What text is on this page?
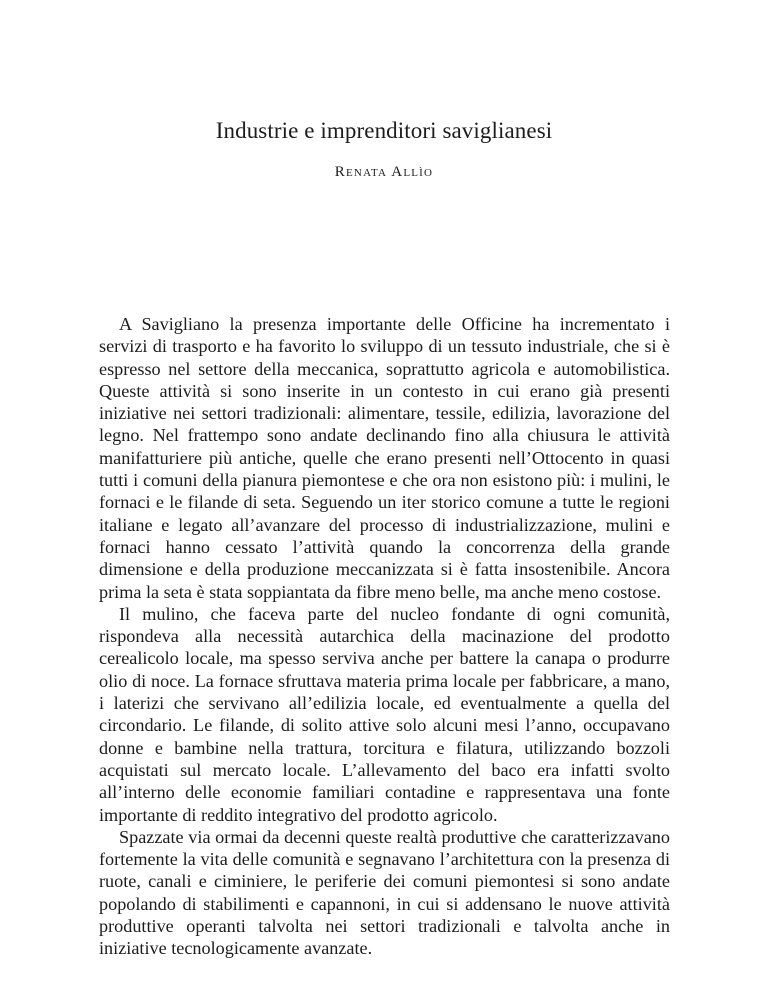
Industrie e imprenditori saviglianesi
Renata Allìo

A Savigliano la presenza importante delle Officine ha incrementato i servizi di trasporto e ha favorito lo sviluppo di un tessuto industriale, che si è espresso nel settore della meccanica, soprattutto agricola e automobilistica. Queste attività si sono inserite in un contesto in cui erano già presenti iniziative nei settori tradizionali: alimentare, tessile, edilizia, lavorazione del legno. Nel frattempo sono andate declinando fino alla chiusura le attività manifatturiere più antiche, quelle che erano presenti nell’Ottocento in quasi tutti i comuni della pianura piemontese e che ora non esistono più: i mulini, le fornaci e le filande di seta. Seguendo un iter storico comune a tutte le regioni italiane e legato all’avanzare del processo di industrializzazione, mulini e fornaci hanno cessato l’attività quando la concorrenza della grande dimensione e della produzione meccanizzata si è fatta insostenibile. Ancora prima la seta è stata soppiantata da fibre meno belle, ma anche meno costose.

Il mulino, che faceva parte del nucleo fondante di ogni comunità, rispondeva alla necessità autarchica della macinazione del prodotto cerealicolo locale, ma spesso serviva anche per battere la canapa o produrre olio di noce. La fornace sfruttava materia prima locale per fabbricare, a mano, i laterizi che servivano all’edilizia locale, ed eventualmente a quella del circondario. Le filande, di solito attive solo alcuni mesi l’anno, occupavano donne e bambine nella trattura, torcitura e filatura, utilizzando bozzoli acquistati sul mercato locale. L’allevamento del baco era infatti svolto all’interno delle economie familiari contadine e rappresentava una fonte importante di reddito integrativo del prodotto agricolo.

Spazzate via ormai da decenni queste realtà produttive che caratterizzavano fortemente la vita delle comunità e segnavano l’architettura con la presenza di ruote, canali e ciminiere, le periferie dei comuni piemontesi si sono andate popolando di stabilimenti e capannoni, in cui si addensano le nuove attività produttive operanti talvolta nei settori tradizionali e talvolta anche in iniziative tecnologicamente avanzate.
